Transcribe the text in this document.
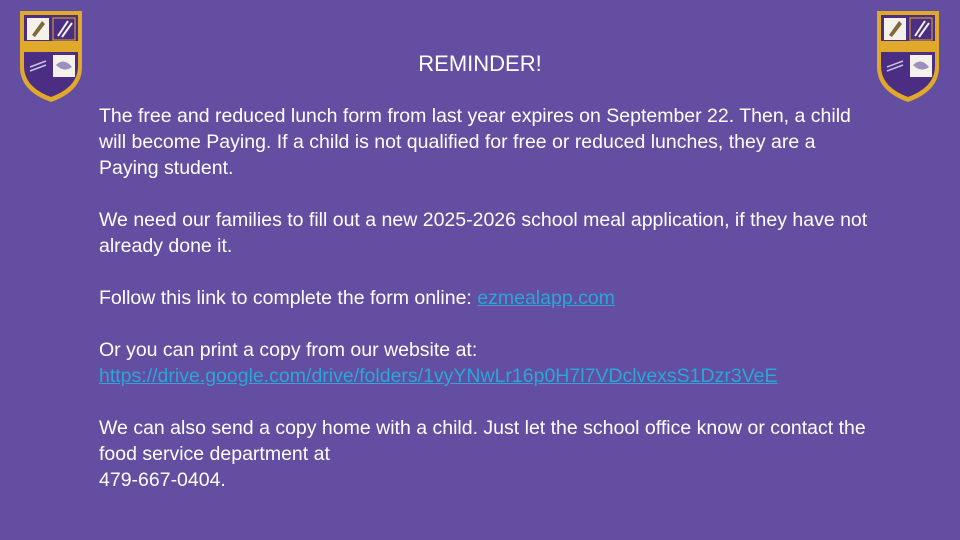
REMINDER!

The free and reduced lunch form from last year expires on September 22. Then, a child will become Paying. If a child is not qualified for free or reduced lunches, they are a Paying student.

We need our families to fill out a new 2025-2026 school meal application, if they have not already done it.

Follow this link to complete the form online: ezmealapp.com

Or you can print a copy from our website at:
https://drive.google.com/drive/folders/1vyYNwLr16p0H7l7VDclvexsS1Dzr3VeE

We can also send a copy home with a child. Just let the school office know or contact the food service department at
479-667-0404.
